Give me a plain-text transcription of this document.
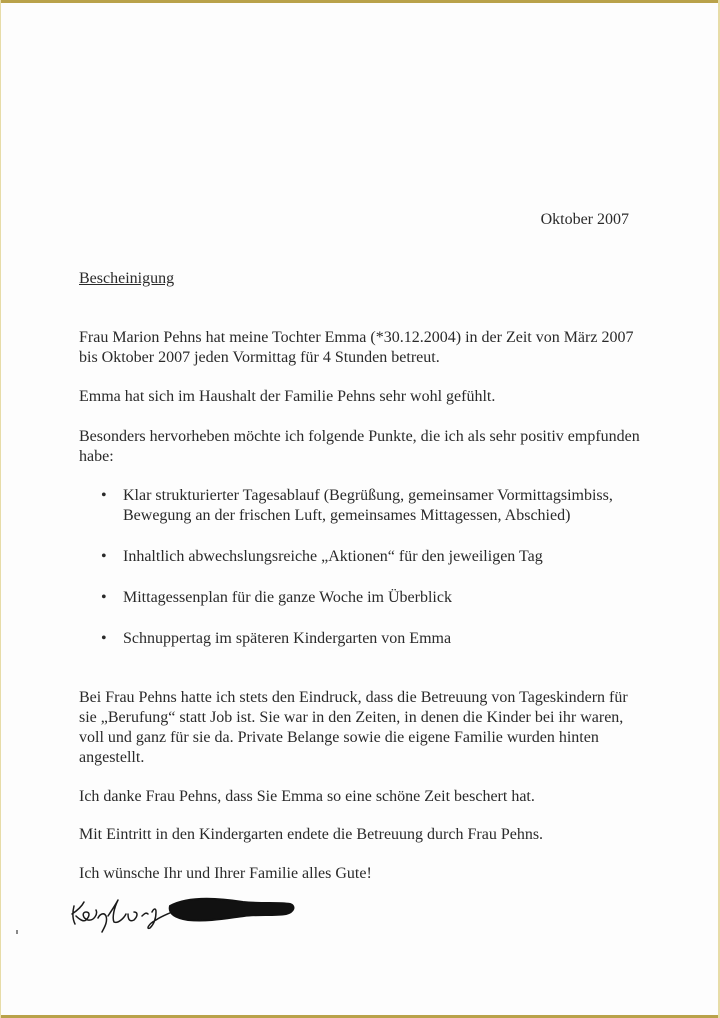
Oktober 2007
Bescheinigung

Frau Marion Pehns hat meine Tochter Emma (*30.12.2004) in der Zeit von März 2007 bis Oktober 2007 jeden Vormittag für 4 Stunden betreut.

Emma hat sich im Haushalt der Familie Pehns sehr wohl gefühlt.

Besonders hervorheben möchte ich folgende Punkte, die ich als sehr positiv empfunden habe:

• Klar strukturierter Tagesablauf (Begrüßung, gemeinsamer Vormittagsimbiss, Bewegung an der frischen Luft, gemeinsames Mittagessen, Abschied)
• Inhaltlich abwechslungsreiche „Aktionen“ für den jeweiligen Tag
• Mittagessenplan für die ganze Woche im Überblick
• Schnuppertag im späteren Kindergarten von Emma

Bei Frau Pehns hatte ich stets den Eindruck, dass die Betreuung von Tageskindern für sie „Berufung“ statt Job ist. Sie war in den Zeiten, in denen die Kinder bei ihr waren, voll und ganz für sie da. Private Belange sowie die eigene Familie wurden hinten angestellt.

Ich danke Frau Pehns, dass Sie Emma so eine schöne Zeit beschert hat.

Mit Eintritt in den Kindergarten endete die Betreuung durch Frau Pehns.

Ich wünsche Ihr und Ihrer Familie alles Gute!
